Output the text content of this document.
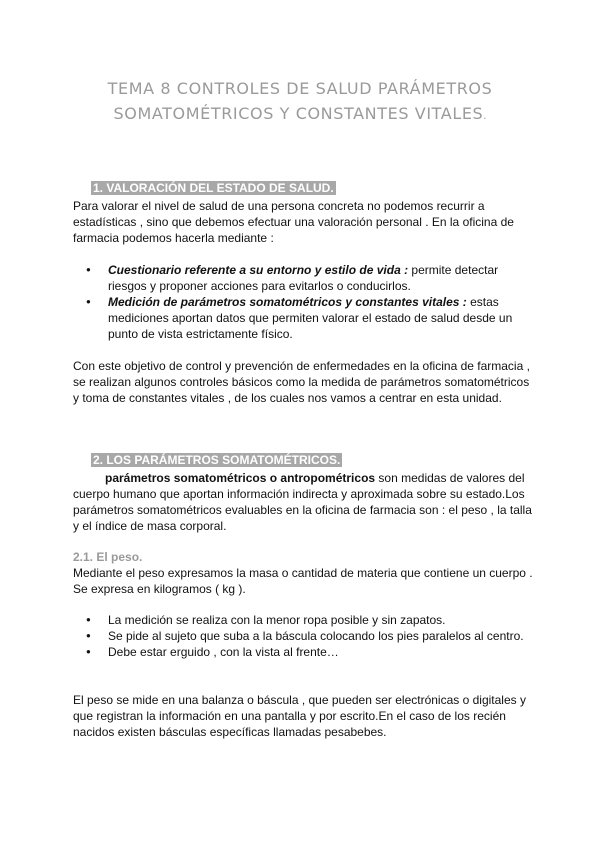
TEMA 8 CONTROLES DE SALUD PARÁMETROS
SOMATOMÉTRICOS Y CONSTANTES VITALES.
1. VALORACIÓN DEL ESTADO DE SALUD.

Para valorar el nivel de salud de una persona concreta no podemos recurrir a estadísticas , sino que debemos efectuar una valoración personal . En la oficina de farmacia podemos hacerla mediante :

● Cuestionario referente a su entorno y estilo de vida : permite detectar riesgos y proponer acciones para evitarlos o conducirlos.
● Medición de parámetros somatométricos y constantes vitales : estas mediciones aportan datos que permiten valorar el estado de salud desde un punto de vista estrictamente físico.

Con este objetivo de control y prevención de enfermedades en la oficina de farmacia , se realizan algunos controles básicos como la medida de parámetros somatométricos y toma de constantes vitales , de los cuales nos vamos a centrar en esta unidad.

2. LOS PARÁMETROS SOMATOMÉTRICOS.

parámetros somatométricos o antropométricos son medidas de valores del cuerpo humano que aportan información indirecta y aproximada sobre su estado.Los parámetros somatométricos evaluables en la oficina de farmacia son : el peso , la talla y el índice de masa corporal.

2.1. El peso.

Mediante el peso expresamos la masa o cantidad de materia que contiene un cuerpo . Se expresa en kilogramos ( kg ).

● La medición se realiza con la menor ropa posible y sin zapatos.
● Se pide al sujeto que suba a la báscula colocando los pies paralelos al centro.
● Debe estar erguido , con la vista al frente…

El peso se mide en una balanza o báscula , que pueden ser electrónicas o digitales y que registran la información en una pantalla y por escrito.En el caso de los recién nacidos existen básculas específicas llamadas pesabebes.
